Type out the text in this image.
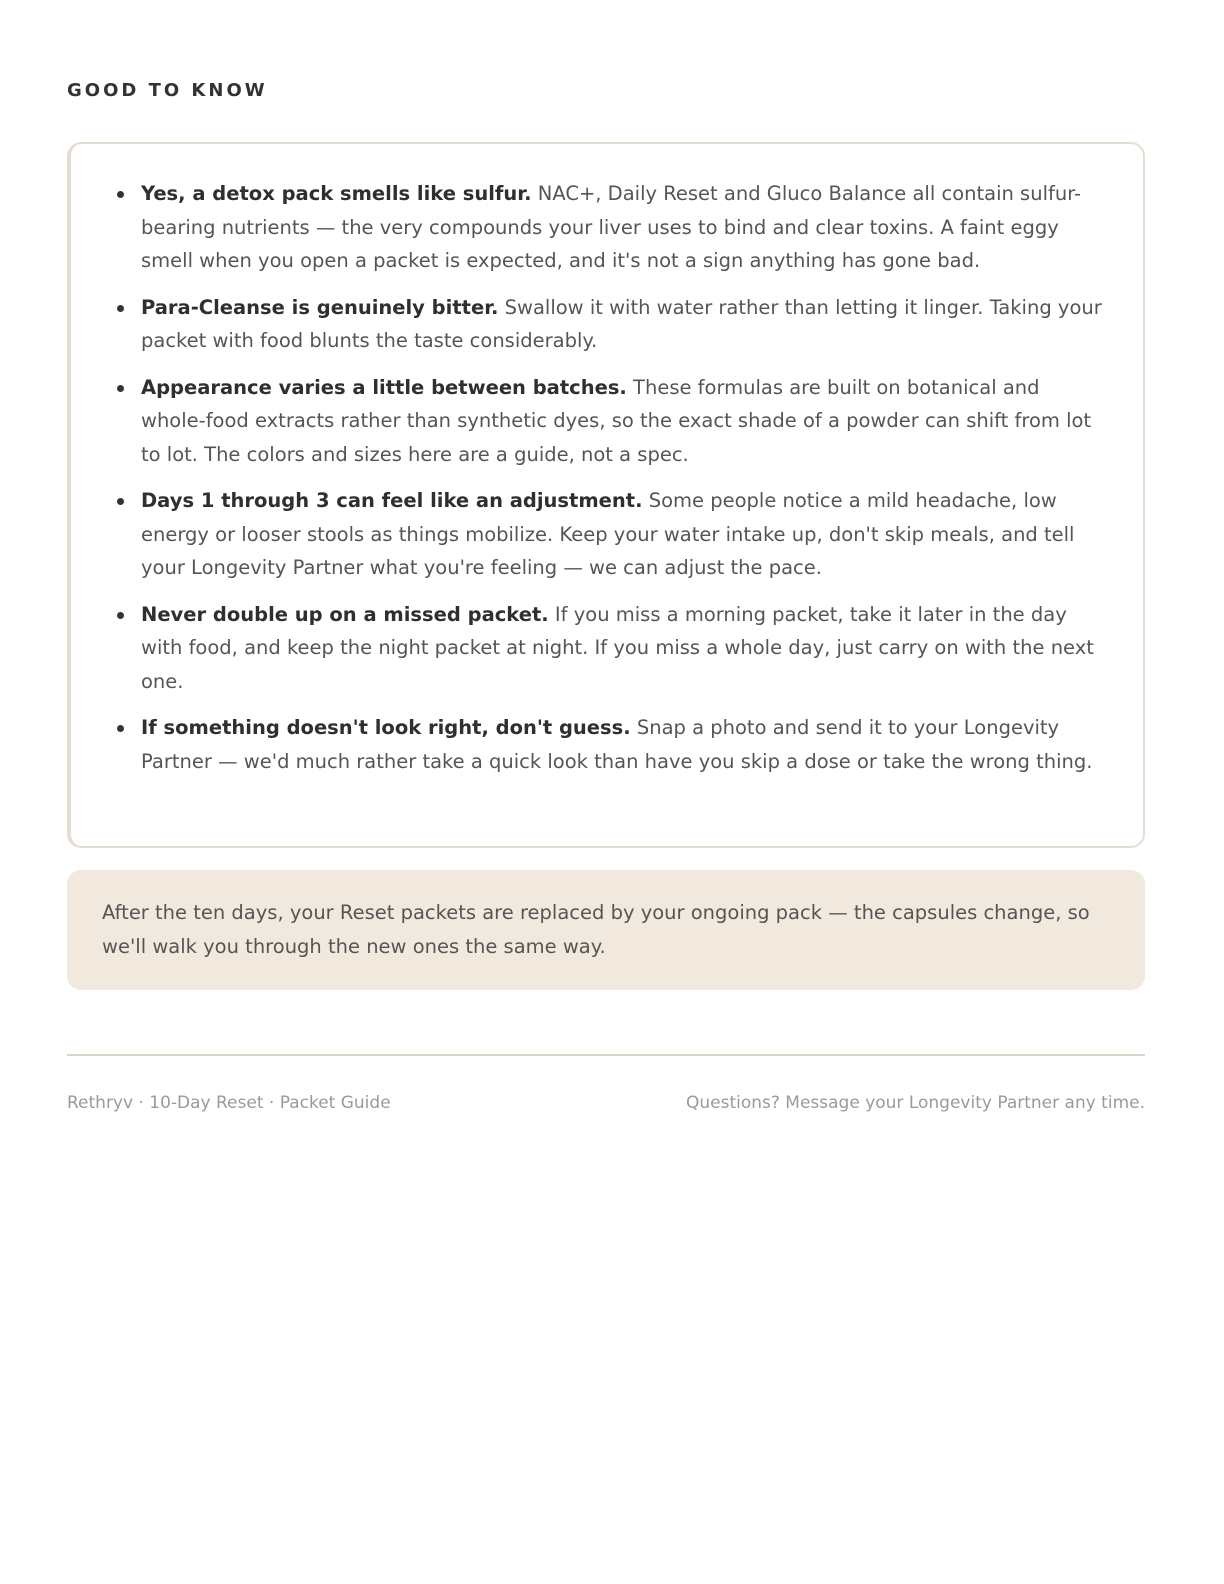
GOOD TO KNOW
Yes, a detox pack smells like sulfur. NAC+, Daily Reset and Gluco Balance all contain sulfur-bearing nutrients — the very compounds your liver uses to bind and clear toxins. A faint eggy smell when you open a packet is expected, and it's not a sign anything has gone bad.
Para-Cleanse is genuinely bitter. Swallow it with water rather than letting it linger. Taking your packet with food blunts the taste considerably.
Appearance varies a little between batches. These formulas are built on botanical and whole-food extracts rather than synthetic dyes, so the exact shade of a powder can shift from lot to lot. The colors and sizes here are a guide, not a spec.
Days 1 through 3 can feel like an adjustment. Some people notice a mild headache, low energy or looser stools as things mobilize. Keep your water intake up, don't skip meals, and tell your Longevity Partner what you're feeling — we can adjust the pace.
Never double up on a missed packet. If you miss a morning packet, take it later in the day with food, and keep the night packet at night. If you miss a whole day, just carry on with the next one.
If something doesn't look right, don't guess. Snap a photo and send it to your Longevity Partner — we'd much rather take a quick look than have you skip a dose or take the wrong thing.
After the ten days, your Reset packets are replaced by your ongoing pack — the capsules change, so we'll walk you through the new ones the same way.
Rethryv · 10-Day Reset · Packet Guide	Questions? Message your Longevity Partner any time.
